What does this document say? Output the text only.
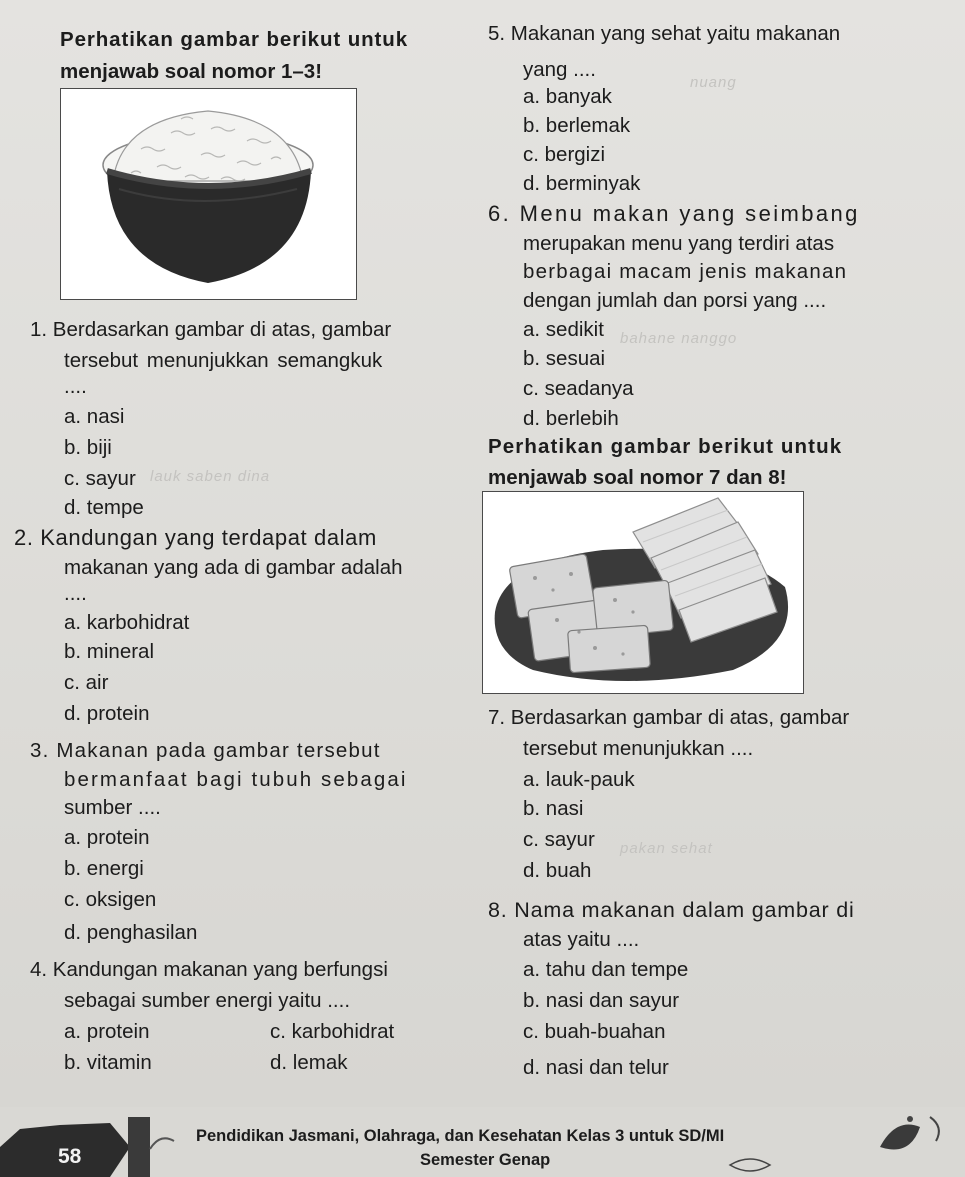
nuang
bahane nanggo
lauk saben dina
pakan sehat
Perhatikan gambar berikut untuk
menjawab soal nomor 1–3!
1. Berdasarkan gambar di atas, gambar
tersebut menunjukkan semangkuk
....
a. nasi
b. biji
c. sayur
d. tempe
2. Kandungan yang terdapat dalam
makanan yang ada di gambar adalah
....
a. karbohidrat
b. mineral
c. air
d. protein
3. Makanan pada gambar tersebut
bermanfaat bagi tubuh sebagai
sumber ....
a. protein
b. energi
c. oksigen
d. penghasilan
4. Kandungan makanan yang berfungsi
sebagai sumber energi yaitu ....
a. protein	c. karbohidrat
b. vitamin	d. lemak
5. Makanan yang sehat yaitu makanan
yang ....
a. banyak
b. berlemak
c. bergizi
d. berminyak
6. Menu makan yang seimbang
merupakan menu yang terdiri atas
berbagai macam jenis makanan
dengan jumlah dan porsi yang ....
a. sedikit
b. sesuai
c. seadanya
d. berlebih
Perhatikan gambar berikut untuk
menjawab soal nomor 7 dan 8!
7. Berdasarkan gambar di atas, gambar
tersebut menunjukkan ....
a. lauk-pauk
b. nasi
c. sayur
d. buah
8. Nama makanan dalam gambar di
atas yaitu ....
a. tahu dan tempe
b. nasi dan sayur
c. buah-buahan
d. nasi dan telur
58
Pendidikan Jasmani, Olahraga, dan Kesehatan Kelas 3 untuk SD/MI
Semester Genap
